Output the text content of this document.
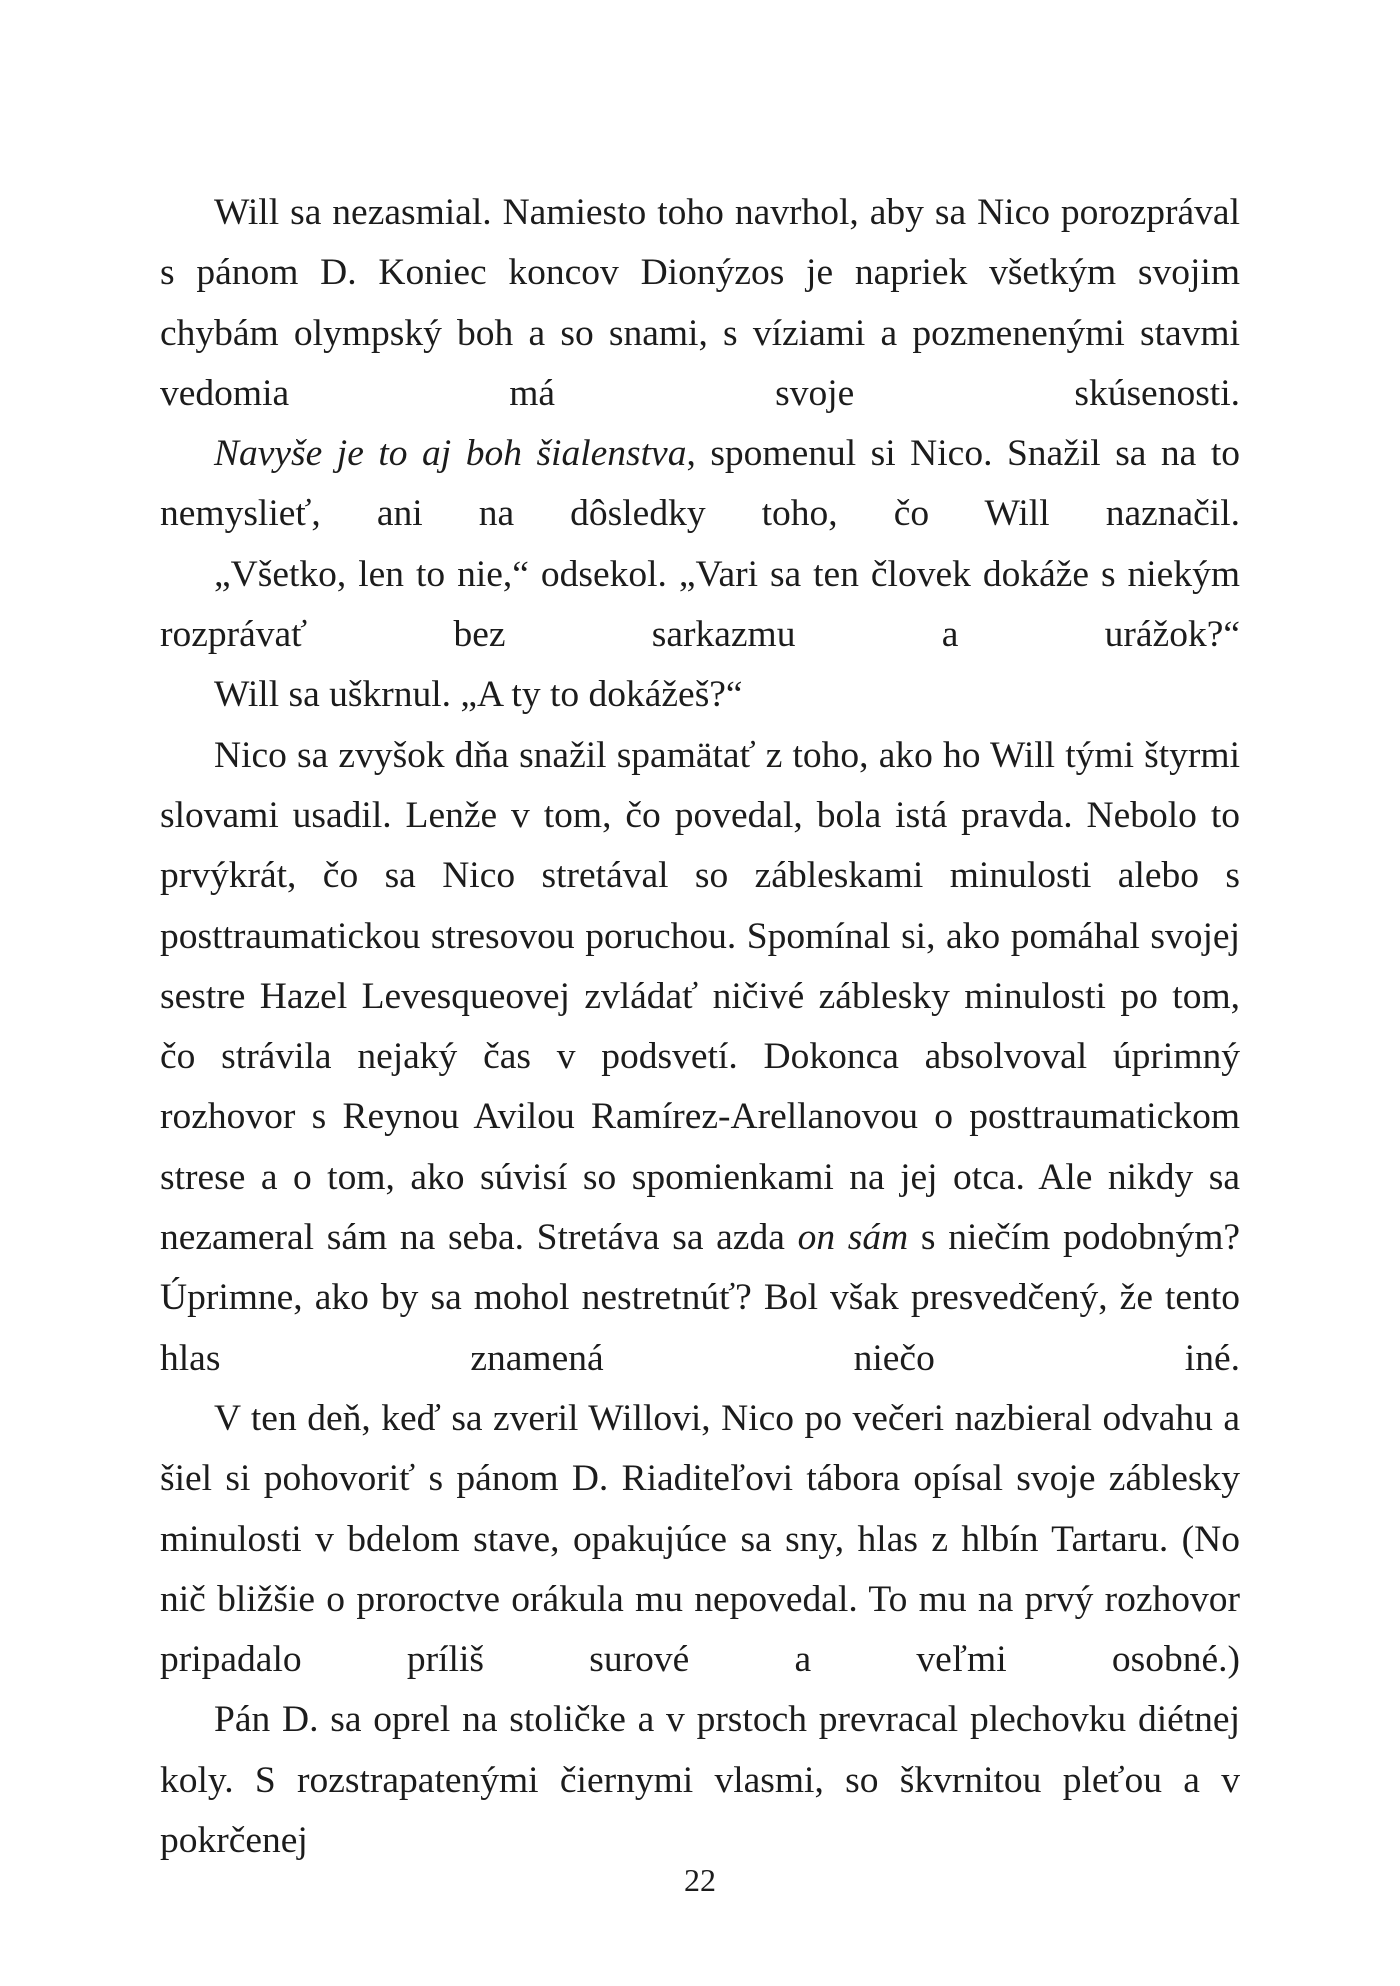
Will sa nezasmial. Namiesto toho navrhol, aby sa Nico porozprával s pánom D. Koniec koncov Dionýzos je napriek všetkým svojim chybám olympský boh a so snami, s víziami a pozmenenými stavmi vedomia má svoje skúsenosti.

Navyše je to aj boh šialenstva, spomenul si Nico. Snažil sa na to nemyslieť, ani na dôsledky toho, čo Will naznačil.

„Všetko, len to nie,“ odsekol. „Vari sa ten človek dokáže s niekým rozprávať bez sarkazmu a urážok?“

Will sa uškrnul. „A ty to dokážeš?“

Nico sa zvyšok dňa snažil spamätať z toho, ako ho Will tými štyrmi slovami usadil. Lenže v tom, čo povedal, bola istá pravda. Nebolo to prvýkrát, čo sa Nico stretával so zábleskami minulosti alebo s posttraumatickou stresovou poruchou. Spomínal si, ako pomáhal svojej sestre Hazel Levesqueovej zvládať ničivé záblesky minulosti po tom, čo strávila nejaký čas v podsvetí. Dokonca absolvoval úprimný rozhovor s Reynou Avilou Ramírez-Arellanovou o posttraumatickom strese a o tom, ako súvisí so spomienkami na jej otca. Ale nikdy sa nezameral sám na seba. Stretáva sa azda on sám s niečím podobným? Úprimne, ako by sa mohol nestretnúť? Bol však presvedčený, že tento hlas znamená niečo iné.

V ten deň, keď sa zveril Willovi, Nico po večeri nazbieral odvahu a šiel si pohovoriť s pánom D. Riaditeľovi tábora opísal svoje záblesky minulosti v bdelom stave, opakujúce sa sny, hlas z hlbín Tartaru. (No nič bližšie o proroctve orákula mu nepovedal. To mu na prvý rozhovor pripadalo príliš surové a veľmi osobné.)

Pán D. sa oprel na stoličke a v prstoch prevracal plechovku diétnej koly. S rozstrapatenými čiernymi vlasmi, so škvrnitou pleťou a v pokrčenej

22
